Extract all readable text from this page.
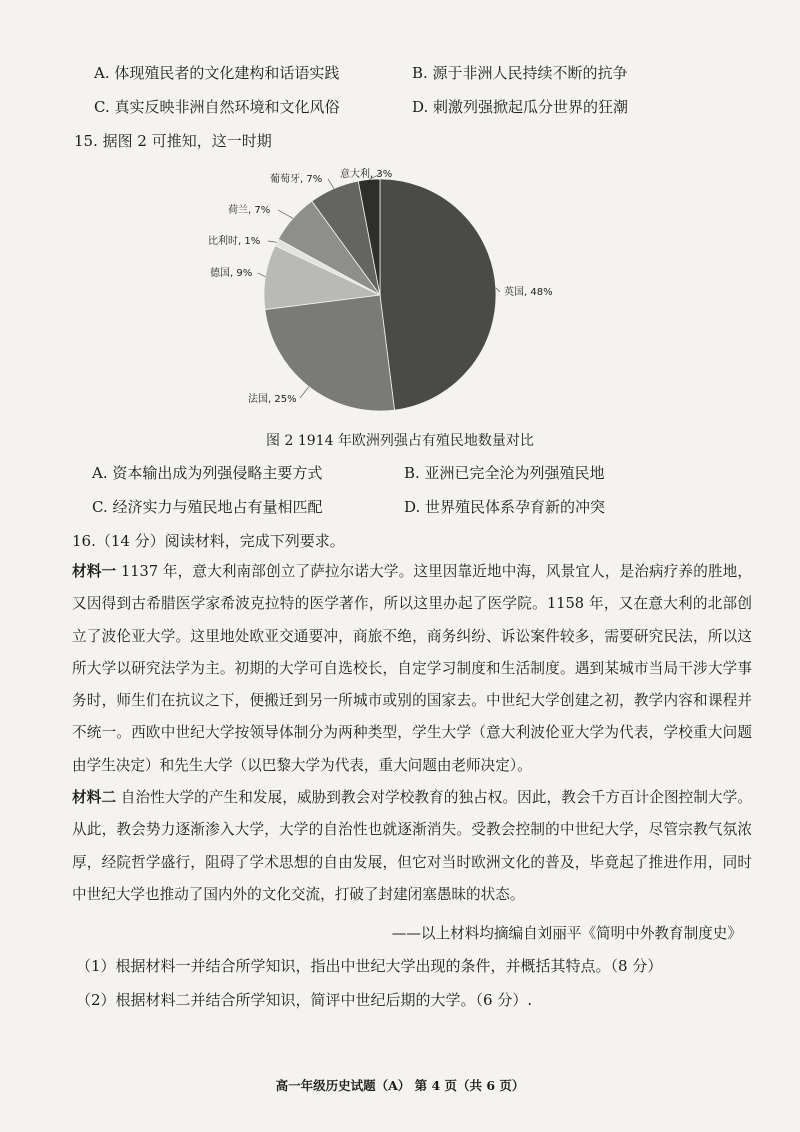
A. 体现殖民者的文化建构和话语实践	B. 源于非洲人民持续不断的抗争
C. 真实反映非洲自然环境和文化风俗	D. 刺激列强掀起瓜分世界的狂潮
15. 据图 2 可推知，这一时期
英国, 48%
法国, 25%
德国, 9%
比利时, 1%
荷兰, 7%
葡萄牙, 7% 意大利, 3%
图 2 1914 年欧洲列强占有殖民地数量对比
A. 资本输出成为列强侵略主要方式	B. 亚洲已完全沦为列强殖民地
C. 经济实力与殖民地占有量相匹配	D. 世界殖民体系孕育新的冲突
16.（14 分）阅读材料，完成下列要求。
材料一 1137 年，意大利南部创立了萨拉尔诺大学。这里因靠近地中海，风景宜人，是治病疗养的胜地，又因得到古希腊医学家希波克拉特的医学著作，所以这里办起了医学院。1158 年，又在意大利的北部创立了波伦亚大学。这里地处欧亚交通要冲，商旅不绝，商务纠纷、诉讼案件较多，需要研究民法，所以这所大学以研究法学为主。初期的大学可自选校长，自定学习制度和生活制度。遇到某城市当局干涉大学事务时，师生们在抗议之下，便搬迁到另一所城市或别的国家去。中世纪大学创建之初，教学内容和课程并不统一。西欧中世纪大学按领导体制分为两种类型，学生大学（意大利波伦亚大学为代表，学校重大问题由学生决定）和先生大学（以巴黎大学为代表，重大问题由老师决定）。
材料二 自治性大学的产生和发展，威胁到教会对学校教育的独占权。因此，教会千方百计企图控制大学。从此，教会势力逐渐渗入大学，大学的自治性也就逐渐消失。受教会控制的中世纪大学，尽管宗教气氛浓厚，经院哲学盛行，阻碍了学术思想的自由发展，但它对当时欧洲文化的普及，毕竟起了推进作用，同时中世纪大学也推动了国内外的文化交流，打破了封建闭塞愚昧的状态。
——以上材料均摘编自刘丽平《简明中外教育制度史》
（1）根据材料一并结合所学知识，指出中世纪大学出现的条件，并概括其特点。（8 分）
（2）根据材料二并结合所学知识，简评中世纪后期的大学。（6 分）.
高一年级历史试题（A） 第 4 页（共 6 页）
